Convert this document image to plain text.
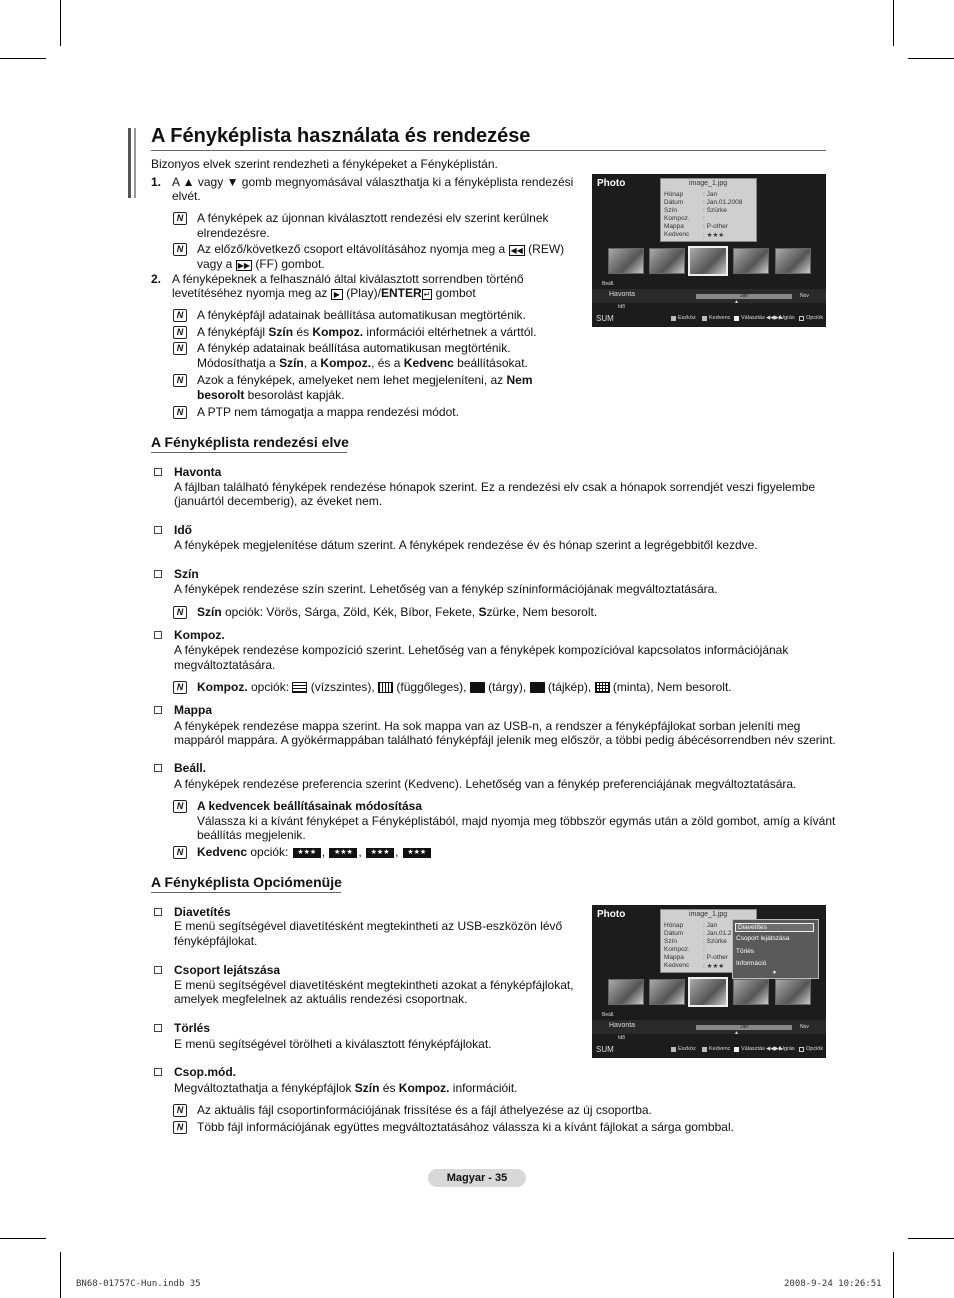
A Fényképlista használata és rendezése
Bizonyos elvek szerint rendezheti a fényképeket a Fényképlistán.
1. A ▲ vagy ▼ gomb megnyomásával választhatja ki a fényképlista rendezési
elvét.
N	A fényképek az újonnan kiválasztott rendezési elv szerint kerülnek
elrendezésre.
N	Az előző/következő csoport eltávolításához nyomja meg a ◀◀ (REW)
vagy a ▶▶ (FF) gombot.
2. A fényképeknek a felhasználó által kiválasztott sorrendben történő
levetítéséhez nyomja meg az ▶ (Play)/ENTER ↵ gombot
N	A fényképfájl adatainak beállítása automatikusan megtörténik.
N	A fényképfájl Szín és Kompoz. információi eltérhetnek a várttól.
N	A fénykép adatainak beállítása automatikusan megtörténik.
Módosíthatja a Szín, a Kompoz., és a Kedvenc beállításokat.
N	Azok a fényképek, amelyeket nem lehet megjeleníteni, az Nem
besorolt besorolást kapják.
N	A PTP nem támogatja a mappa rendezési módot.
Photo	image_1.jpg
Hónap	: Jan
Dátum	: Jan.01.2008
Szín	: Szürke
Kompoz. :
Mappa	: P-other
Kedvenc : ★★★
Beáll.
Havonta	Jan	Nov
▲
Idő
SUM	Eszköz Kedvenc Választás ◀◀▶▶
Ugrás Opciók
A Fényképlista rendezési elve
Havonta
A fájlban található fényképek rendezése hónapok szerint. Ez a rendezési elv csak a hónapok sorrendjét veszi figyelembe
(januártól decemberig), az éveket nem.
Idő
A fényképek megjelenítése dátum szerint. A fényképek rendezése év és hónap szerint a legrégebbitől kezdve.
Szín
A fényképek rendezése szín szerint. Lehetőség van a fénykép színinformációjának megváltoztatására.
N	Szín opciók: Vörös, Sárga, Zöld, Kék, Bíbor, Fekete, Szürke, Nem besorolt.
Kompoz.
A fényképek rendezése kompozíció szerint. Lehetőség van a fényképek kompozícióval kapcsolatos információjának
megváltoztatására.
N	Kompoz. opciók:  (vízszintes), (függőleges), (tárgy), (tájkép), (minta), Nem besorolt.
Mappa
A fényképek rendezése mappa szerint. Ha sok mappa van az USB-n, a rendszer a fényképfájlokat sorban jeleníti meg
mappáról mappára. A gyökérmappában található fényképfájl jelenik meg először, a többi pedig ábécésorrendben név szerint.
Beáll.
A fényképek rendezése preferencia szerint (Kedvenc). Lehetőség van a fénykép preferenciájának megváltoztatására.
N	A kedvencek beállításainak módosítása
Válassza ki a kívánt fényképet a Fényképlistából, majd nyomja meg többször egymás után a zöld gombot, amíg a kívánt
beállítás megjelenik.
N	Kedvenc opciók: ★★★ , ★★★ , ★★★ , ★★★
A Fényképlista Opciómenüje
Diavetítés
E menü segítségével diavetítésként megtekintheti az USB-eszközön lévő
fényképfájlokat.
Csoport lejátszása
E menü segítségével diavetítésként megtekintheti azokat a fényképfájlokat,
amelyek megfelelnek az aktuális rendezési csoportnak.
Törlés
E menü segítségével törölheti a kiválasztott fényképfájlokat.
Csop.mód.
Megváltoztathatja a fényképfájlok Szín és Kompoz. információit.
N	Az aktuális fájl csoportinformációjának frissítése és a fájl áthelyezése az új csoportba.
N	Több fájl információjának együttes megváltoztatásához válassza ki a kívánt fájlokat a sárga gombbal.
Photo	image_1.jpg
Hónap	: Jan
Dátum	: Jan.01.2
Szín	: Szürke
Kompoz. :
Mappa	: P-other
Kedvenc : ★★★
Diavetítés
Csoport lejátszása
Törlés
Információ
▼
Beáll.
Havonta	Jan	Nov
▲
Idő
SUM	Eszköz Kedvenc Választás ◀◀▶▶
Ugrás Opciók
Magyar - 35
BN68-01757C-Hun.indb 35	2008-9-24 10:26:51
